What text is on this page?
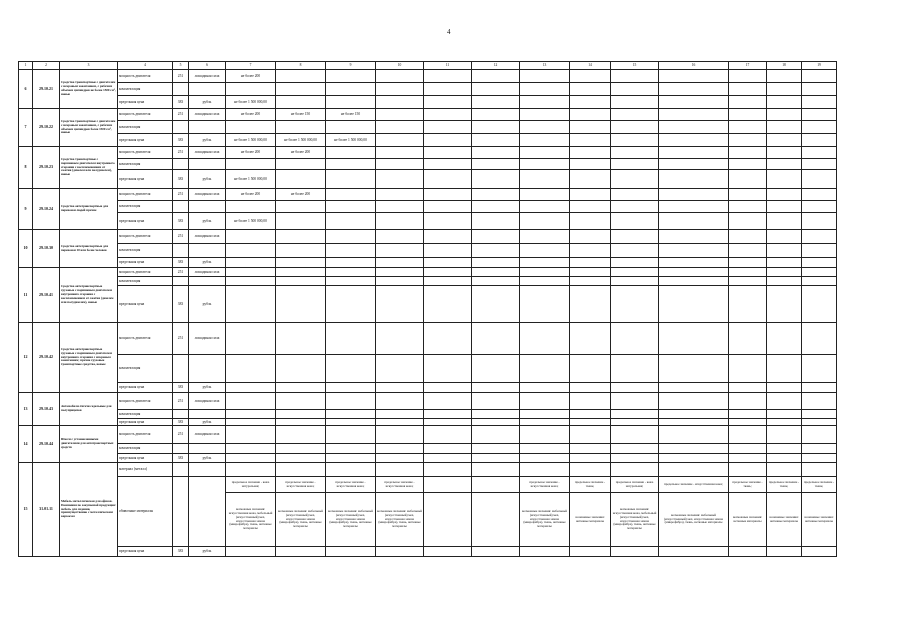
4
1	2	3	4	5	6	7	8	9	10	11	12	13	14	15	16	17	18	19
6	29.10.21	Средства транспортные с двигателем с искровым зажиганием, с рабочим объемом цилиндров не более 1500 см³, новые	мощность двигателя	251	лошадиная сила	не более 200												
			комплектация															
			предельная цена	383	рубль	не более 1 500 000,00												
7	29.10.22	Средства транспортные с двигателем с искровым зажиганием, с рабочим объемом цилиндров более 1500 см³, новые	мощность двигателя	251	лошадиная сила	не более 200	не более 150	не более 150										
			комплектация															
			предельная цена	383	рубль	не более 1 500 000,00	не более 1 500 000,00	не более 1 500 000,00										
8	29.10.23	Средства транспортные с поршневым двигателем внутреннего сгорания с воспламенением от сжатия (дизелем или полудизелем), новые	мощность двигателя	251	лошадиная сила	не более 200	не более 200											
			комплектация															
			предельная цена	383	рубль	не более 1 500 000,00												
9	29.10.24	Средства автотранспортные для перевозки людей прочие	мощность двигателя	251	лошадиная сила	не более 200	не более 200											
			комплектация															
			предельная цена	383	рубль	не более 1 500 000,00												
10	29.10.30	Средства автотранспортные для перевозки 10 или более человек	мощность двигателя	251	лошадиная сила													
			комплектация															
			предельная цена	383	рубль													
11	29.10.41	Средства автотранспортные грузовые с поршневым двигателем внутреннего сгорания с воспламенением от сжатия (дизелем или полудизелем), новые	мощность двигателя	251	лошадиная сила													
			комплектация															
			предельная цена	383	рубль													
12	29.10.42	Средства автотранспортные грузовые с поршневым двигателем внутреннего сгорания с искровым зажиганием; прочие грузовые транспортные средства, новые	мощность двигателя	251	лошадиная сила													
			комплектация															
			предельная цена	383	рубль													
13	29.10.43	Автомобили-тягачи седельные для полуприцепов	мощность двигателя	251	лошадиная сила													
			комплектация															
			предельная цена	383	рубль													
14	29.10.44	Шасси с установленными двигателями для автотранспортных средств	мощность двигателя	251	лошадиная сила													
			комплектация															
			предельная цена	383	рубль													
15	31.01.11	Мебель металлическая для офисов. Пояснения по закупаемой продукции: мебель для сидения, преимущественно с металлическим каркасом	материал (металл)															
			обивочные материалы			предельное значение - кожа натуральная;	предельное значение - искусственная кожа;	предельное значение - искусственная кожа;	предельное значение - искусственная кожа;			предельное значение - искусственная кожа;	предельное значение - ткань;	предельное значение - кожа натуральная;	предельное значение - искусственная кожа;	предельное значение - ткань;	предельное значение - ткань;	предельное значение - ткань;
						возможные значения: искусственная кожа, мебельный (искусственный) мех, искусственная замша (микрофибра), ткань, нетканые материалы	возможные значения: мебельный (искусственный) мех, искусственная замша (микрофибра), ткань, нетканые материалы	возможные значения: мебельный (искусственный) мех, искусственная замша (микрофибра), ткань, нетканые материалы	возможные значения: мебельный (искусственный) мех, искусственная замша (микрофибра), ткань, нетканые материалы			возможные значения: мебельный (искусственный) мех, искусственная замша (микрофибра), ткань, нетканые материалы	возможные значения: нетканые материалы	возможные значения: искусственная кожа, мебельный (искусственный) мех, искусственная замша (микрофибра), ткань, нетканые материалы	возможные значения: мебельный (искусственный) мех, искусственная замша (микрофибра), ткань, нетканые материалы	возможные значения: нетканые материалы	возможные значения: нетканые материалы	возможные значения: нетканые материалы
			предельная цена	383	рубль													
